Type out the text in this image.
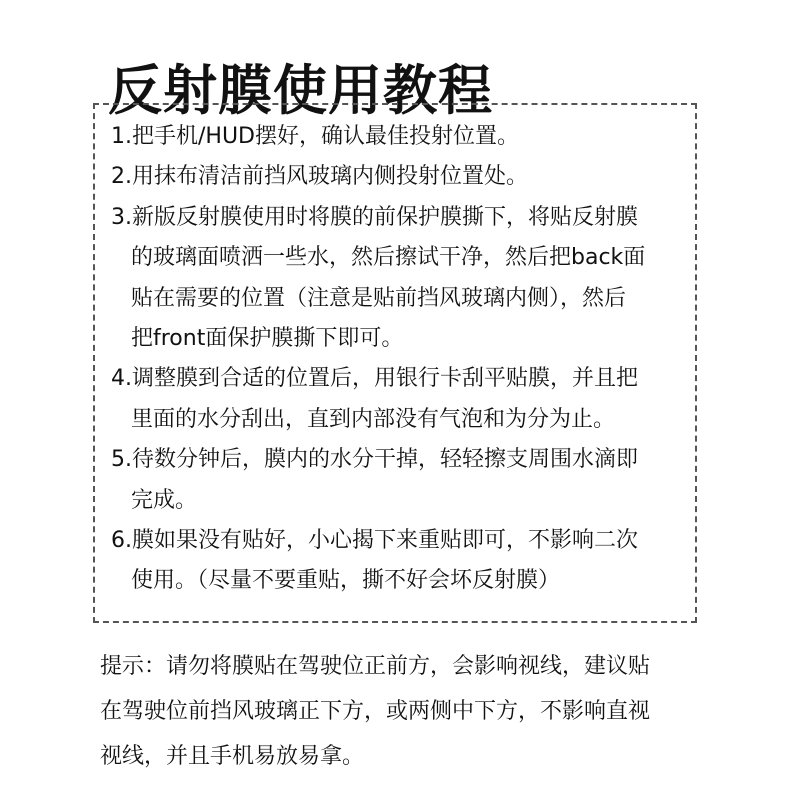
反射膜使用教程
1.把手机/HUD摆好，确认最佳投射位置。
2.用抹布清洁前挡风玻璃内侧投射位置处。
3.新版反射膜使用时将膜的前保护膜撕下，将贴反射膜
的玻璃面喷洒一些水，然后擦试干净，然后把back面
贴在需要的位置（注意是贴前挡风玻璃内侧），然后
把front面保护膜撕下即可。
4.调整膜到合适的位置后，用银行卡刮平贴膜，并且把
里面的水分刮出，直到内部没有气泡和为分为止。
5.待数分钟后，膜内的水分干掉，轻轻擦支周围水滴即
完成。
6.膜如果没有贴好，小心揭下来重贴即可，不影响二次
使用。（尽量不要重贴，撕不好会坏反射膜）
提示：请勿将膜贴在驾驶位正前方，会影响视线，建议贴
在驾驶位前挡风玻璃正下方，或两侧中下方，不影响直视
视线，并且手机易放易拿。
